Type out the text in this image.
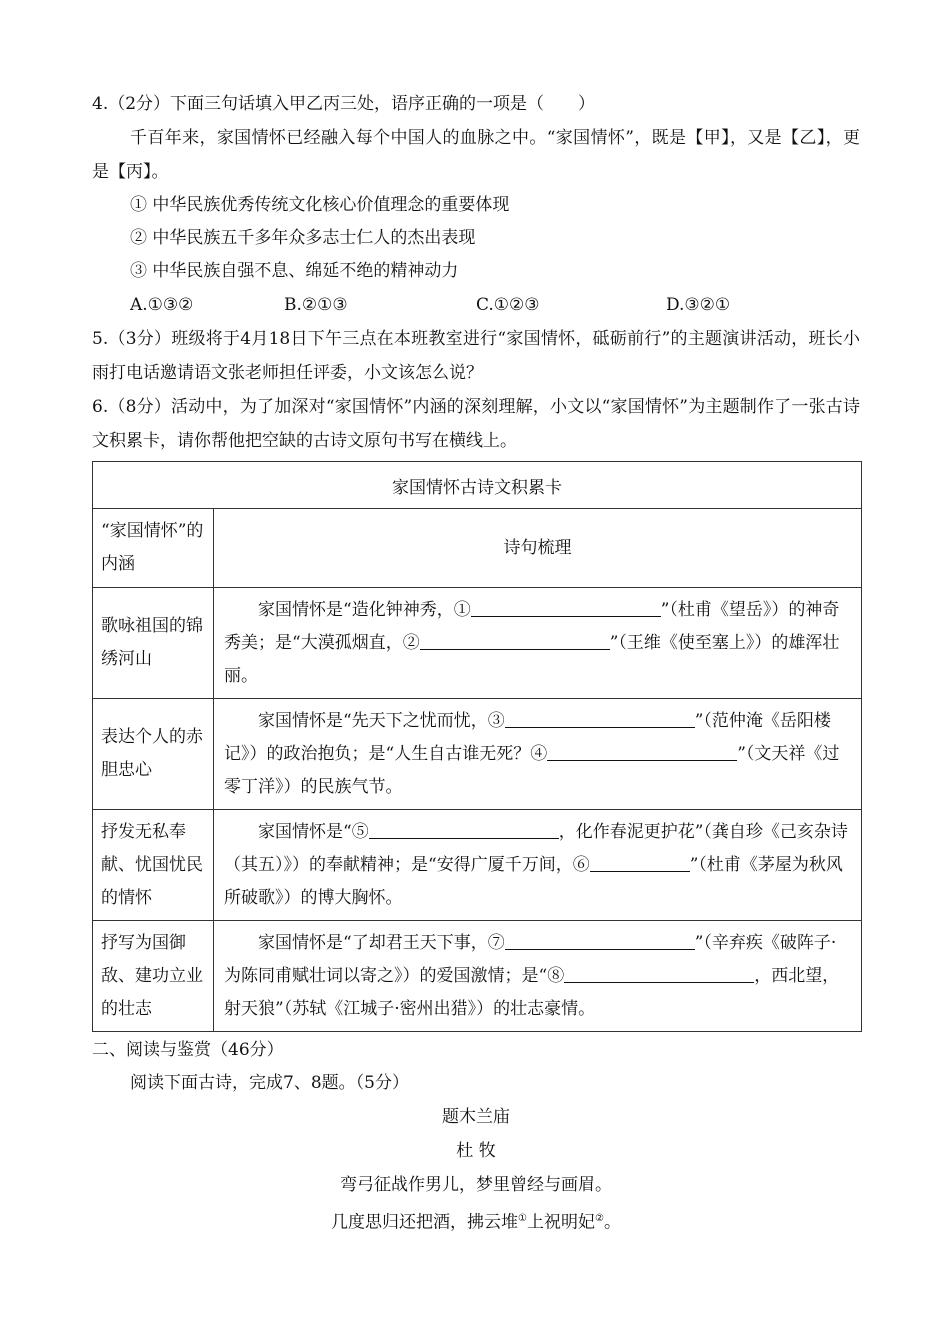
4.（2分）下面三句话填入甲乙丙三处，语序正确的一项是（　　）
千百年来，家国情怀已经融入每个中国人的血脉之中。“家国情怀”，既是【甲】，又是【乙】，更是【丙】。
① 中华民族优秀传统文化核心价值理念的重要体现
② 中华民族五千多年众多志士仁人的杰出表现
③ 中华民族自强不息、绵延不绝的精神动力
A.①③②	B.②①③	C.①②③	D.③②①
5.（3分）班级将于4月18日下午三点在本班教室进行“家国情怀，砥砺前行”的主题演讲活动，班长小雨打电话邀请语文张老师担任评委，小文该怎么说？
6.（8分）活动中，为了加深对“家国情怀”内涵的深刻理解，小文以“家国情怀”为主题制作了一张古诗文积累卡，请你帮他把空缺的古诗文原句书写在横线上。
家国情怀古诗文积累卡	
“家国情怀”的内涵	诗句梳理
歌咏祖国的锦绣河山	家国情怀是“造化钟神秀，① ”（杜甫《望岳》）的神奇秀美；是“大漠孤烟直，② ”（王维《使至塞上》）的雄浑壮丽。
表达个人的赤胆忠心	家国情怀是“先天下之忧而忧，③ ”（范仲淹《岳阳楼记》）的政治抱负；是“人生自古谁无死？④ ”（文天祥《过零丁洋》）的民族气节。
抒发无私奉献、忧国忧民的情怀	家国情怀是“⑤ ，化作春泥更护花”（龚自珍《己亥杂诗（其五）》）的奉献精神；是“安得广厦千万间，⑥ ”（杜甫《茅屋为秋风所破歌》）的博大胸怀。
抒写为国御敌、建功立业的壮志	家国情怀是“了却君王天下事，⑦ ”（辛弃疾《破阵子·为陈同甫赋壮词以寄之》）的爱国激情；是“⑧ ，西北望，射天狼”（苏轼《江城子·密州出猎》）的壮志豪情。
二、阅读与鉴赏（46分）
阅读下面古诗，完成7、8题。（5分）
题木兰庙
杜 牧
弯弓征战作男儿，梦里曾经与画眉。
几度思归还把酒，拂云堆①上祝明妃②。
